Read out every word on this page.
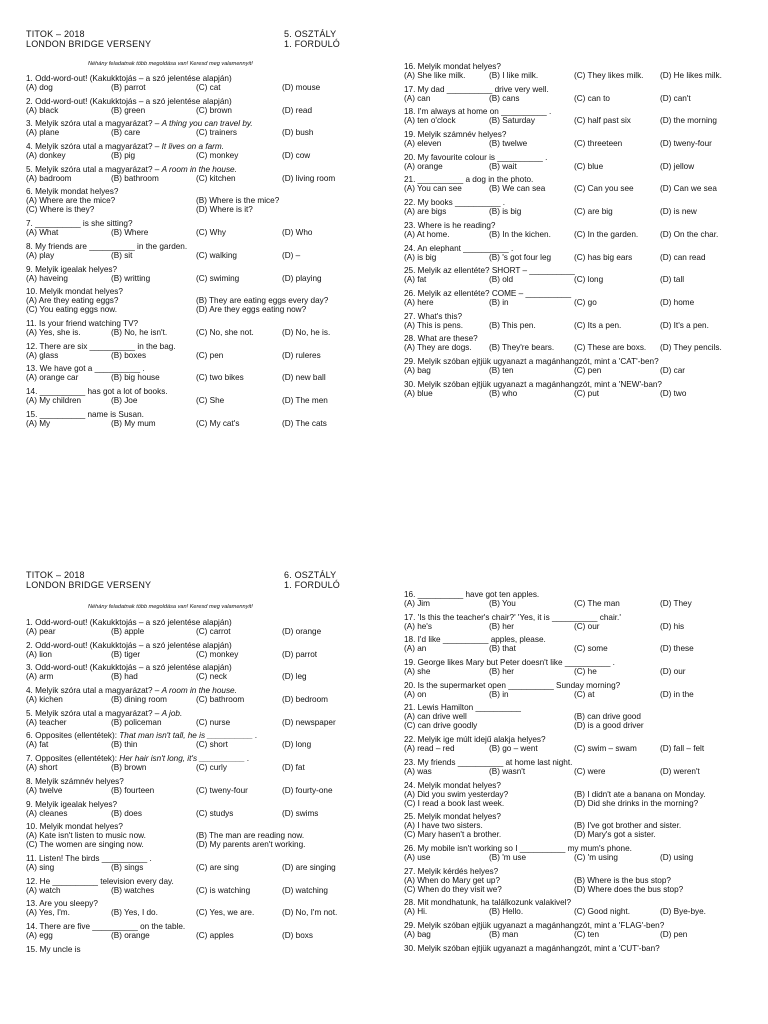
TITOK – 2018
LONDON BRIDGE VERSENY
5. OSZTÁLY
1. FORDULÓ
Néhány feladatnak több megoldása van! Keresd meg valamennyit!
1. Odd-word-out! (Kakukktojás – a szó jelentése alapján)
(A) dog	(B) parrot	(C) cat	(D) mouse
2. Odd-word-out! (Kakukktojás – a szó jelentése alapján)
(A) black	(B) green	(C) brown	(D) read
3. Melyik szóra utal a magyarázat? – A thing you can travel by.
(A) plane	(B) care	(C) trainers	(D) bush
4. Melyik szóra utal a magyarázat? – It lives on a farm.
(A) donkey	(B) pig	(C) monkey	(D) cow
5. Melyik szóra utal a magyarázat? – A room in the house.
(A) badroom	(B) bathroom	(C) kitchen	(D) living room
6. Melyik mondat helyes?
(A) Where are the mice?	(B) Where is the mice?
(C) Where is they?	(D) Where is it?
7. __________ is she sitting?
(A) What	(B) Where	(C) Why	(D) Who
8. My friends are __________ in the garden.
(A) play	(B) sit	(C) walking	(D) –
9. Melyik igealak helyes?
(A) haveing	(B) writting	(C) swiming	(D) playing
10. Melyik mondat helyes?
(A) Are they eating eggs?	(B) They are eating eggs every day?
(C) You eating eggs now.	(D) Are they eggs eating now?
11. Is your friend watching TV?
(A) Yes, she is.	(B) No, he isn't.	(C) No, she not.	(D) No, he is.
12. There are six __________ in the bag.
(A) glass	(B) boxes	(C) pen	(D) ruleres
13. We have got a __________ .
(A) orange car	(B) big house	(C) two bikes	(D) new ball
14. __________ has got a lot of books.
(A) My children	(B) Joe	(C) She	(D) The men
15. __________ name is Susan.
(A) My	(B) My mum	(C) My cat's	(D) The cats
16. Melyik mondat helyes?
(A) She like milk.	(B) I like milk.	(C) They likes milk. (D) He likes milk.
17. My dad __________ drive very well.
(A) can	(B) cans	(C) can to	(D) can't
18. I'm always at home on __________ .
(A) ten o'clock	(B) Saturday	(C) half past six	(D) the morning
19. Melyik számnév helyes?
(A) eleven	(B) twelwe	(C) threeteen	(D) tweny-four
20. My favourite colour is __________ .
(A) orange	(B) wait	(C) blue	(D) jellow
21. __________ a dog in the photo.
(A) You can see	(B) We can sea	(C) Can you see	(D) Can we sea
22. My books __________ .
(A) are bigs	(B) is big	(C) are big	(D) is new
23. Where is he reading?
(A) At home.	(B) In the kichen.	(C) In the garden.	(D) On the char.
24. An elephant __________ .
(A) is big	(B) 's got four leg	(C) has big ears	(D) can read
25. Melyik az ellentéte? SHORT – __________
(A) fat	(B) old	(C) long	(D) tall
26. Melyik az ellentéte? COME – __________
(A) here	(B) in	(C) go	(D) home
27. What's this?
(A) This is pens.	(B) This pen.	(C) Its a pen.	(D) It's a pen.
28. What are these?
(A) They are dogs. (B) They're bears. (C) These are boxs. (D) They pencils.
29. Melyik szóban ejtjük ugyanazt a magánhangzót, mint a 'CAT'-ben?
(A) bag	(B) ten	(C) pen	(D) car
30. Melyik szóban ejtjük ugyanazt a magánhangzót, mint a 'NEW'-ban?
(A) blue	(B) who	(C) put	(D) two
TITOK – 2018
LONDON BRIDGE VERSENY
6. OSZTÁLY
1. FORDULÓ
Néhány feladatnak több megoldása van! Keresd meg valamennyit!
1. Odd-word-out! (Kakukktojás – a szó jelentése alapján)
(A) pear	(B) apple	(C) carrot	(D) orange
2. Odd-word-out! (Kakukktojás – a szó jelentése alapján)
(A) lion	(B) tiger	(C) monkey	(D) parrot
3. Odd-word-out! (Kakukktojás – a szó jelentése alapján)
(A) arm	(B) had	(C) neck	(D) leg
4. Melyik szóra utal a magyarázat? – A room in the house.
(A) kichen	(B) dining room	(C) bathroom	(D) bedroom
5. Melyik szóra utal a magyarázat? – A job.
(A) teacher	(B) policeman	(C) nurse	(D) newspaper
6. Opposites (ellentétek): That man isn't tall, he is __________ .
(A) fat	(B) thin	(C) short	(D) long
7. Opposites (ellentétek): Her hair isn't long, it's __________ .
(A) short	(B) brown	(C) curly	(D) fat
8. Melyik számnév helyes?
(A) twelve	(B) fourteen	(C) tweny-four	(D) fourty-one
9. Melyik igealak helyes?
(A) cleanes	(B) does	(C) studys	(D) swims
10. Melyik mondat helyes?
(A) Kate isn't listen to music now.	(B) The man are reading now.
(C) The women are singing now.	(D) My parents aren't working.
11. Listen! The birds __________ .
(A) sing	(B) sings	(C) are sing	(D) are singing
12. He __________ television every day.
(A) watch	(B) watches	(C) is watching	(D) watching
13. Are you sleepy?
(A) Yes, I'm.	(B) Yes, I do.	(C) Yes, we are.	(D) No, I'm not.
14. There are five __________ on the table.
(A) egg	(B) orange	(C) apples	(D) boxs
15. My uncle is
16. __________ have got ten apples.
(A) Jim	(B) You	(C) The man	(D) They
17. 'Is this the teacher's chair?' 'Yes, it is __________ chair.'
(A) he's	(B) her	(C) our	(D) his
18. I'd like __________ apples, please.
(A) an	(B) that	(C) some	(D) these
19. George likes Mary but Peter doesn't like __________ .
(A) she	(B) her	(C) he	(D) our
20. Is the supermarket open __________ Sunday morning?
(A) on	(B) in	(C) at	(D) in the
21. Lewis Hamilton __________
(A) can drive well	(B) can drive good
(C) can drive goodly	(D) is a good driver
22. Melyik ige múlt idejű alakja helyes?
(A) read – red	(B) go – went	(C) swim – swam	(D) fall – felt
23. My friends __________ at home last night.
(A) was	(B) wasn't	(C) were	(D) weren't
24. Melyik mondat helyes?
(A) Did you swim yesterday?	(B) I didn't ate a banana on Monday.
(C) I read a book last week.	(D) Did she drinks in the morning?
25. Melyik mondat helyes?
(A) I have two sisters.	(B) I've got brother and sister.
(C) Mary hasen't a brother.	(D) Mary's got a sister.
26. My mobile isn't working so I __________ my mum's phone.
(A) use	(B) 'm use	(C) 'm using	(D) using
27. Melyik kérdés helyes?
(A) When do Mary get up?	(B) Where is the bus stop?
(C) When do they visit we?	(D) Where does the bus stop?
28. Mit mondhatunk, ha találkozunk valakivel?
(A) Hi.	(B) Hello.	(C) Good night.	(D) Bye-bye.
29. Melyik szóban ejtjük ugyanazt a magánhangzót, mint a 'FLAG'-ben?
(A) bag	(B) man	(C) ten	(D) pen
30. Melyik szóban ejtjük ugyanazt a magánhangzót, mint a 'CUT'-ban?
